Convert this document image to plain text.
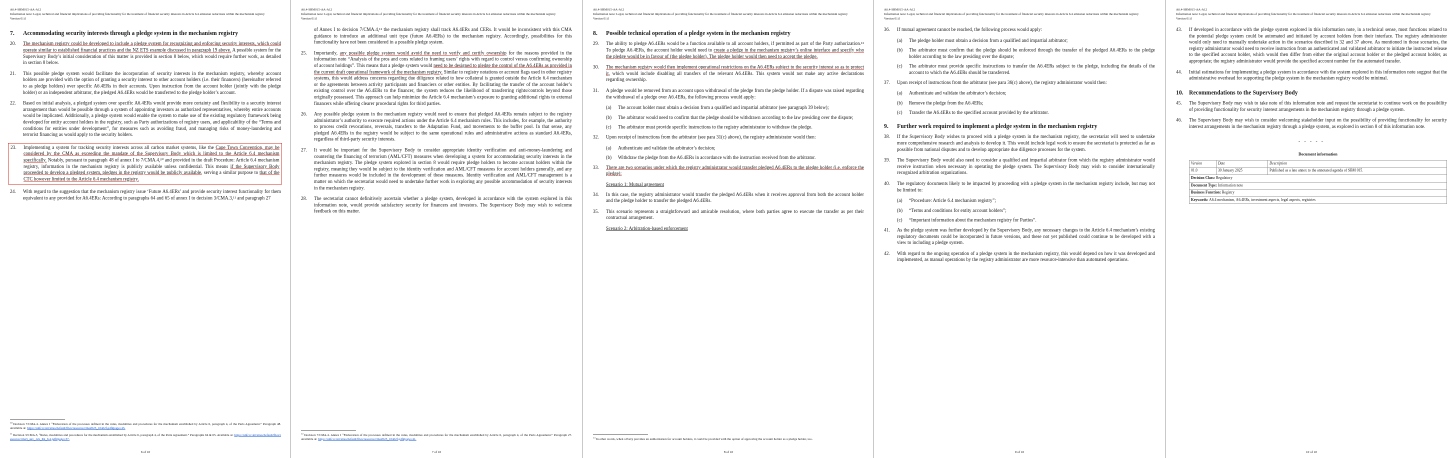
A6.4-SBM015-AA-A12
Information note: Legal, technical and financial implications of providing functionality for the treatment of financial security interests in Article 6.4 emission reductions within the mechanism registry
Version 01.0
7. Accommodating security interests through a pledge system in the mechanism registry
20. The mechanism registry could be developed to include a pledge system for recognizing and enforcing security interests, which could operate similar to established financial practices and the NZ ETS example discussed in paragraph 19 above. A possible system for the Supervisory Body’s initial consideration of this matter is provided in section 8 below, which would require further work, as detailed in section 8 below.
21. This possible pledge system would facilitate the incorporation of security interests in the mechanism registry, whereby account holders are provided with the option of granting a security interest to other account holders (i.e. their financers) (hereinafter referred to as pledge holders) over specific A6.4ERs in their accounts. Upon instruction from the account holder (jointly with the pledge holder) or an independent arbitrator, the pledged A6.4ERs would be transferred to the pledge holder’s account.
22. Based on initial analysis, a pledged system over specific A6.4ERs would provide more certainty and flexibility to a security interest arrangement than would be possible through a system of appointing investors as authorized representatives, whereby entire accounts would be implicated. Additionally, a pledge system would enable the system to make use of the existing regulatory framework being developed for entity account holders in the registry, such as Party authorizations of registry users, and applicability of the “Terms and conditions for entities under development”, for measures such as avoiding fraud, and managing risks of money-laundering and terrorist financing as would apply to the security holders.
23. Implementing a system for tracking security interests across all carbon market systems, like the Cape Town Convention, may be considered by the CMA as exceeding the mandate of the Supervisory Body which is limited to the Article 6.4 mechanism specifically. Notably, pursuant to paragraph 48 of annex I to 7/CMA.4,¹⁰ and provided in the draft Procedure: Article 6.4 mechanism registry, information in the mechanism registry is publicly available unless confidential. This means if the Supervisory Body proceeded to develop a pledged system, pledges in the registry would be publicly available, serving a similar purpose to that of the CTC however limited to the Article 6.4 mechanism registry.
24. With regard to the suggestion that the mechanism registry issue ‘Future A6.4ERs’ and provide security interest functionality for them equivalent to any provided for A6.4ERs: According to paragraphs 64 and 65 of annex I to decision 3/CMA.3,¹¹ and paragraph 27
$^{10}$ Decision 7/CMA.4. Annex I “Elaboration of the processes defined in the rules, modalities and procedures for the mechanism established by Article 6, paragraph 4, of the Paris Agreement.” Paragraph 48. Available at: https://unfccc.int/sites/default/files/resource/cma2023_10a02f.pdf#page=43.
$^{11}$ Decision 3/CMA.3, “Rules, modalities and procedures for the mechanism established by Article 6, paragraph 4, of the Paris Agreement.” Paragraphs 64 & 65. Available at: https://unfccc.int/sites/default/files/resource/cma3_auv_12a_PA_6.4.pdf#page=37.
6 of 10
A6.4-SBM015-AA-A12
Information note: Legal, technical and financial implications of providing functionality for the treatment of financial security interests in Article 6.4 emission reductions within the mechanism registry
Version 01.0
of Annex I to decision 7/CMA.4,¹² the mechanism registry shall track A6.4ERs and CERs. It would be inconsistent with this CMA guidance to introduce an additional unit type (future A6.4ERs) to the mechanism registry. Accordingly, possibilities for this functionality have not been considered in a possible pledge system.
25. Importantly, any possible pledge system would avoid the need to verify and certify ownership for the reasons provided in the information note “Analysis of the pros and cons related to framing users’ rights with regard to control versus confirming ownership of account holdings”. This means that a pledge system would need to be designed to pledge the control of the A6.4ERs as provided in the current draft operational framework of the mechanism registry. Similar to registry notations or account flags used in other registry systems, this would address concerns regarding due diligence related to how collateral is granted outside the Article 6.4 mechanism or the agreements between activity participants and financiers or other entities. By facilitating the transfer of the account holder’s existing control over the A6.4ERs to the financer, the system reduces the likelihood of transferring rights/controls beyond those originally possessed. This approach can help minimize the Article 6.4 mechanism’s exposure to granting additional rights to external financers while offering clearer procedural rights for third parties.
26. Any possible pledge system in the mechanism registry would need to ensure that pledged A6.4ERs remain subject to the registry administrator’s authority to execute required actions under the Article 6.4 mechanism rules. This includes, for example, the authority to process credit revocations, reversals, transfers to the Adaptation Fund, and movements to the buffer pool. In that sense, any pledged A6.4ERs in the registry would be subject to the same operational rules and administrative actions as standard A6.4ERs, regardless of third-party security interests.
27. It would be important for the Supervisory Body to consider appropriate identity verification and anti-money-laundering and countering the financing of terrorism (AML/CFT) measures when developing a system for accommodating security interests in the mechanism registry. The pledge system explored in section 8 would require pledge holders to become account holders within the registry, meaning they would be subject to the identity verification and AML/CFT measures for account holders generally, and any further measures would be included in the development of these measures. Identity verification and AML/CFT management is a matter on which the secretariat would need to undertake further work in exploring any possible accommodation of security interests in the mechanism registry.
28. The secretariat cannot definitively ascertain whether a pledge system, developed in accordance with the system explored in this information note, would provide satisfactory security for financers and investors. The Supervisory Body may wish to welcome feedback on this matter.
$^{12}$ Decision 7/CMA.4. Annex I “Elaboration of the processes defined in the rules, modalities and procedures for the mechanism established by Article 6, paragraph 4, of the Paris Agreement.” Paragraph 27. Available at: https://unfccc.int/sites/default/files/resource/cma2023_10a02f.pdf#page=41.
7 of 10
A6.4-SBM015-AA-A12
Information note: Legal, technical and financial implications of providing functionality for the treatment of financial security interests in Article 6.4 emission reductions within the mechanism registry
Version 01.0
8. Possible technical operation of a pledge system in the mechanism registry
29. The ability to pledge A6.4ERs would be a function available to all account holders, if permitted as part of the Party authorization.¹³ To pledge A6.4ERs, the account holder would need to create a pledge in the mechanism registry’s online interface and specify who the pledge would be in favour of (the pledge holder). The pledge holder would then need to accept the pledge.
30. The mechanism registry would then implement operational restrictions on the A6.4ERs subject to the security interest so as to protect it, which would include disabling all transfers of the relevant A6.4ERs. This system would not make any active declarations regarding ownership.
31. A pledge would be removed from an account upon withdrawal of the pledge from the pledge holder. If a dispute was raised regarding the withdrawal of a pledge over A6.4ERs, the following process would apply:
(a) The account holder must obtain a decision from a qualified and impartial arbitrator (see paragraph 39 below);
(b) The arbitrator would need to confirm that the pledge should be withdrawn according to the law presiding over the dispute;
(c) The arbitrator must provide specific instructions to the registry administrator to withdraw the pledge.
32. Upon receipt of instructions from the arbitrator (see para 31(c) above), the registry administrator would then:
(a) Authenticate and validate the arbitrator’s decision;
(b) Withdraw the pledge from the A6.4ERs in accordance with the instruction received from the arbitrator.
33. There are two scenarios under which the registry administrator would transfer pledged A6.4ERs to the pledge holder (i.e. enforce the pledge):
Scenario 1: Mutual agreement
34. In this case, the registry administrator would transfer the pledged A6.4ERs when it receives approval from both the account holder and the pledge holder to transfer the pledged A6.4ERs.
35. This scenario represents a straightforward and amicable resolution, where both parties agree to execute the transfer as per their contractual arrangement.
Scenario 2: Arbitration-based enforcement
$^{13}$ In other words, when a Party provides an authorization for account holders, it could be provided with the option of approving the account holder as a pledge holder, too.
8 of 10
A6.4-SBM015-AA-A12
Information note: Legal, technical and financial implications of providing functionality for the treatment of financial security interests in Article 6.4 emission reductions within the mechanism registry
Version 01.0
36. If mutual agreement cannot be reached, the following process would apply:
(a) The pledge holder must obtain a decision from a qualified and impartial arbitrator;
(b) The arbitrator must confirm that the pledge should be enforced through the transfer of the pledged A6.4ERs to the pledge holder according to the law presiding over the dispute;
(c) The arbitrator must provide specific instructions to transfer the A6.4ERs subject to the pledge, including the details of the account to which the A6.4ERs should be transferred.
37. Upon receipt of instructions from the arbitrator (see para 36(c) above), the registry administrator would then:
(a) Authenticate and validate the arbitrator’s decision;
(b) Remove the pledge from the A6.4ERs;
(c) Transfer the A6.4ERs to the specified account provided by the arbitrator.
9. Further work required to implement a pledge system in the mechanism registry
38. If the Supervisory Body wishes to proceed with a pledge system in the mechanism registry, the secretariat will need to undertake more comprehensive research and analysis to develop it. This would include legal work to ensure the secretariat is protected as far as possible from national disputes and to develop appropriate due diligence processes for the system.
39. The Supervisory Body would also need to consider a qualified and impartial arbitrator from which the registry administrator would receive instruction when necessary in operating the pledge system. The Supervisory Body may wish to consider internationally recognized arbitration organizations.
40. The regulatory documents likely to be impacted by proceeding with a pledge system in the mechanism registry include, but may not be limited to:
(a) “Procedure: Article 6.4 mechanism registry”;
(b) “Terms and conditions for entity account holders”;
(c) “Important information about the mechanism registry for Parties”.
41. As the pledge system was further developed by the Supervisory Body, any necessary changes to the Article 6.4 mechanism’s existing regulatory documents could be incorporated in future versions, and these not yet published could continue to be developed with a view to including a pledge system.
42. With regard to the ongoing operation of a pledge system in the mechanism registry, this would depend on how it was developed and implemented, as manual operations by the registry administrator are more resource-intensive than automated operations.
9 of 10
A6.4-SBM015-AA-A12
Information note: Legal, technical and financial implications of providing functionality for the treatment of financial security interests in Article 6.4 emission reductions within the mechanism registry
Version 01.0
43. If developed in accordance with the pledge system explored in this information note, in a technical sense, most functions related to the potential pledge system could be automated and initiated by account holders from their interface. The registry administrator would only need to manually undertake action in the scenarios described in 32 and 37 above. As mentioned in those scenarios, the registry administrator would need to receive instruction from an authenticated and validated arbitrator to initiate the instructed release to the specified account holder, which would then differ from either the original account holder or the pledged account holder, as appropriate; the registry administrator would provide the specified account number for the automated transfer.
44. Initial estimations for implementing a pledge system in accordance with the system explored in this information note suggest that the administrative overhead for supporting the pledge system in the mechanism registry would be minimal.
10. Recommendations to the Supervisory Body
45. The Supervisory Body may wish to take note of this information note and request the secretariat to continue work on the possibility of providing functionality for security interest arrangements in the mechanism registry through a pledge system.
46. The Supervisory Body may wish to consider welcoming stakeholder input on the possibility of providing functionality for security interest arrangements in the mechanism registry through a pledge system, as explored in section 8 of this information note.
- - - - -
Document information
Version	Date	Description
01.0	30 January 2025	Published as a late annex to the annotated agenda of SBM 015.
Decision Class: Regulatory		
Document Type: Information note		
Business Function: Registry		
Keywords: A6.4 mechanism, A6.4ERs, investment aspects, legal aspects, registries		
10 of 10
